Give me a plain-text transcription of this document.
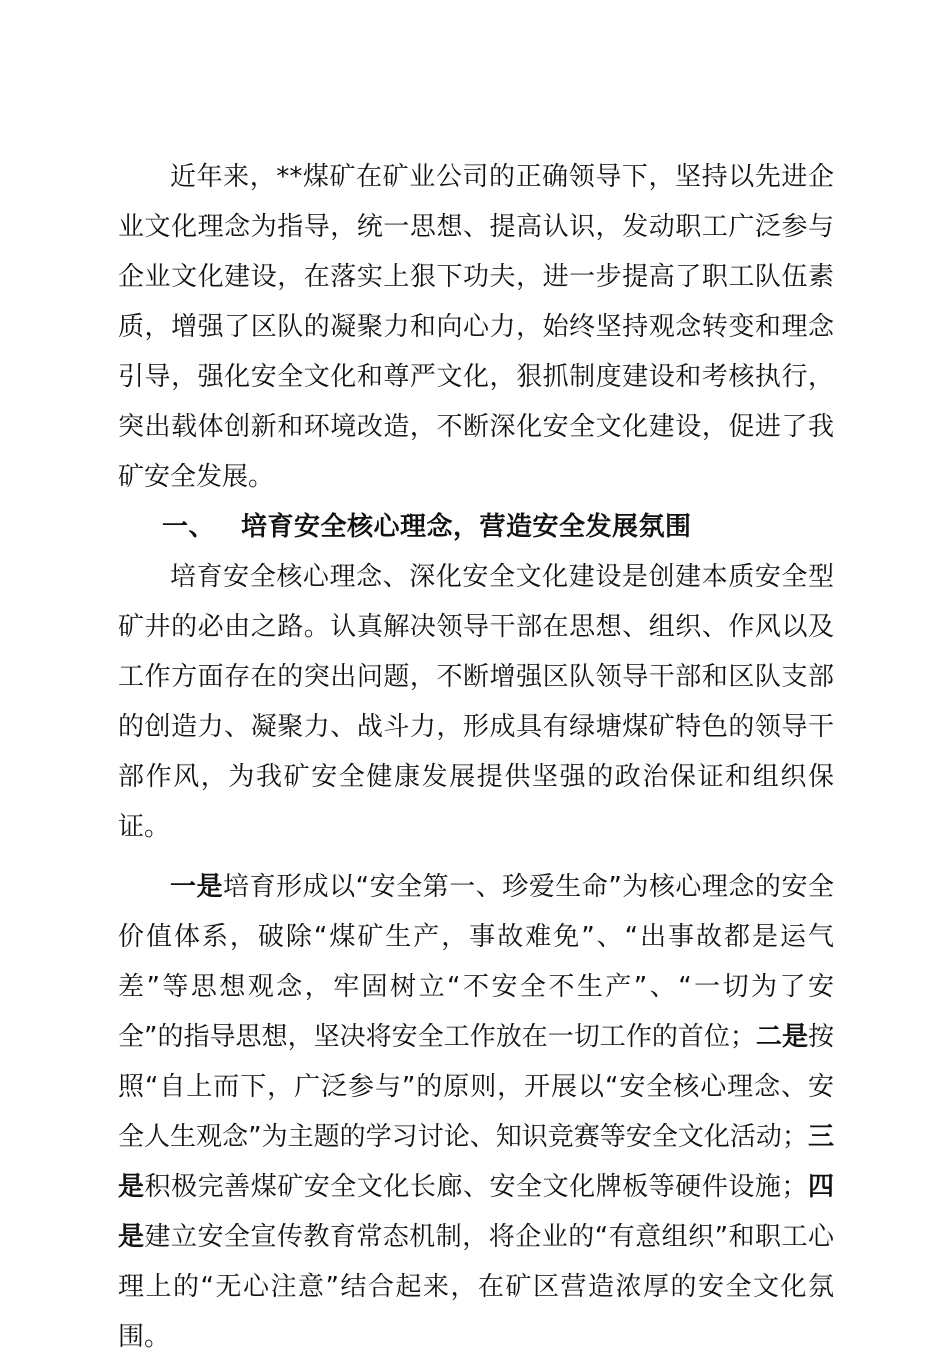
近年来，**煤矿在矿业公司的正确领导下，坚持以先进企业文化理念为指导，统一思想、提高认识，发动职工广泛参与企业文化建设，在落实上狠下功夫，进一步提高了职工队伍素质，增强了区队的凝聚力和向心力，始终坚持观念转变和理念引导，强化安全文化和尊严文化，狠抓制度建设和考核执行，突出载体创新和环境改造，不断深化安全文化建设，促进了我矿安全发展。

一、 培育安全核心理念，营造安全发展氛围

培育安全核心理念、深化安全文化建设是创建本质安全型矿井的必由之路。认真解决领导干部在思想、组织、作风以及工作方面存在的突出问题，不断增强区队领导干部和区队支部的创造力、凝聚力、战斗力，形成具有绿塘煤矿特色的领导干部作风，为我矿安全健康发展提供坚强的政治保证和组织保证。

一是培育形成以“安全第一、珍爱生命”为核心理念的安全价值体系，破除“煤矿生产，事故难免”、“出事故都是运气差”等思想观念，牢固树立“不安全不生产”、“一切为了安全”的指导思想，坚决将安全工作放在一切工作的首位；二是按照“自上而下，广泛参与”的原则，开展以“安全核心理念、安全人生观念”为主题的学习讨论、知识竞赛等安全文化活动；三是积极完善煤矿安全文化长廊、安全文化牌板等硬件设施；四是建立安全宣传教育常态机制，将企业的“有意组织”和职工心理上的“无心注意”结合起来，在矿区营造浓厚的安全文化氛围。
